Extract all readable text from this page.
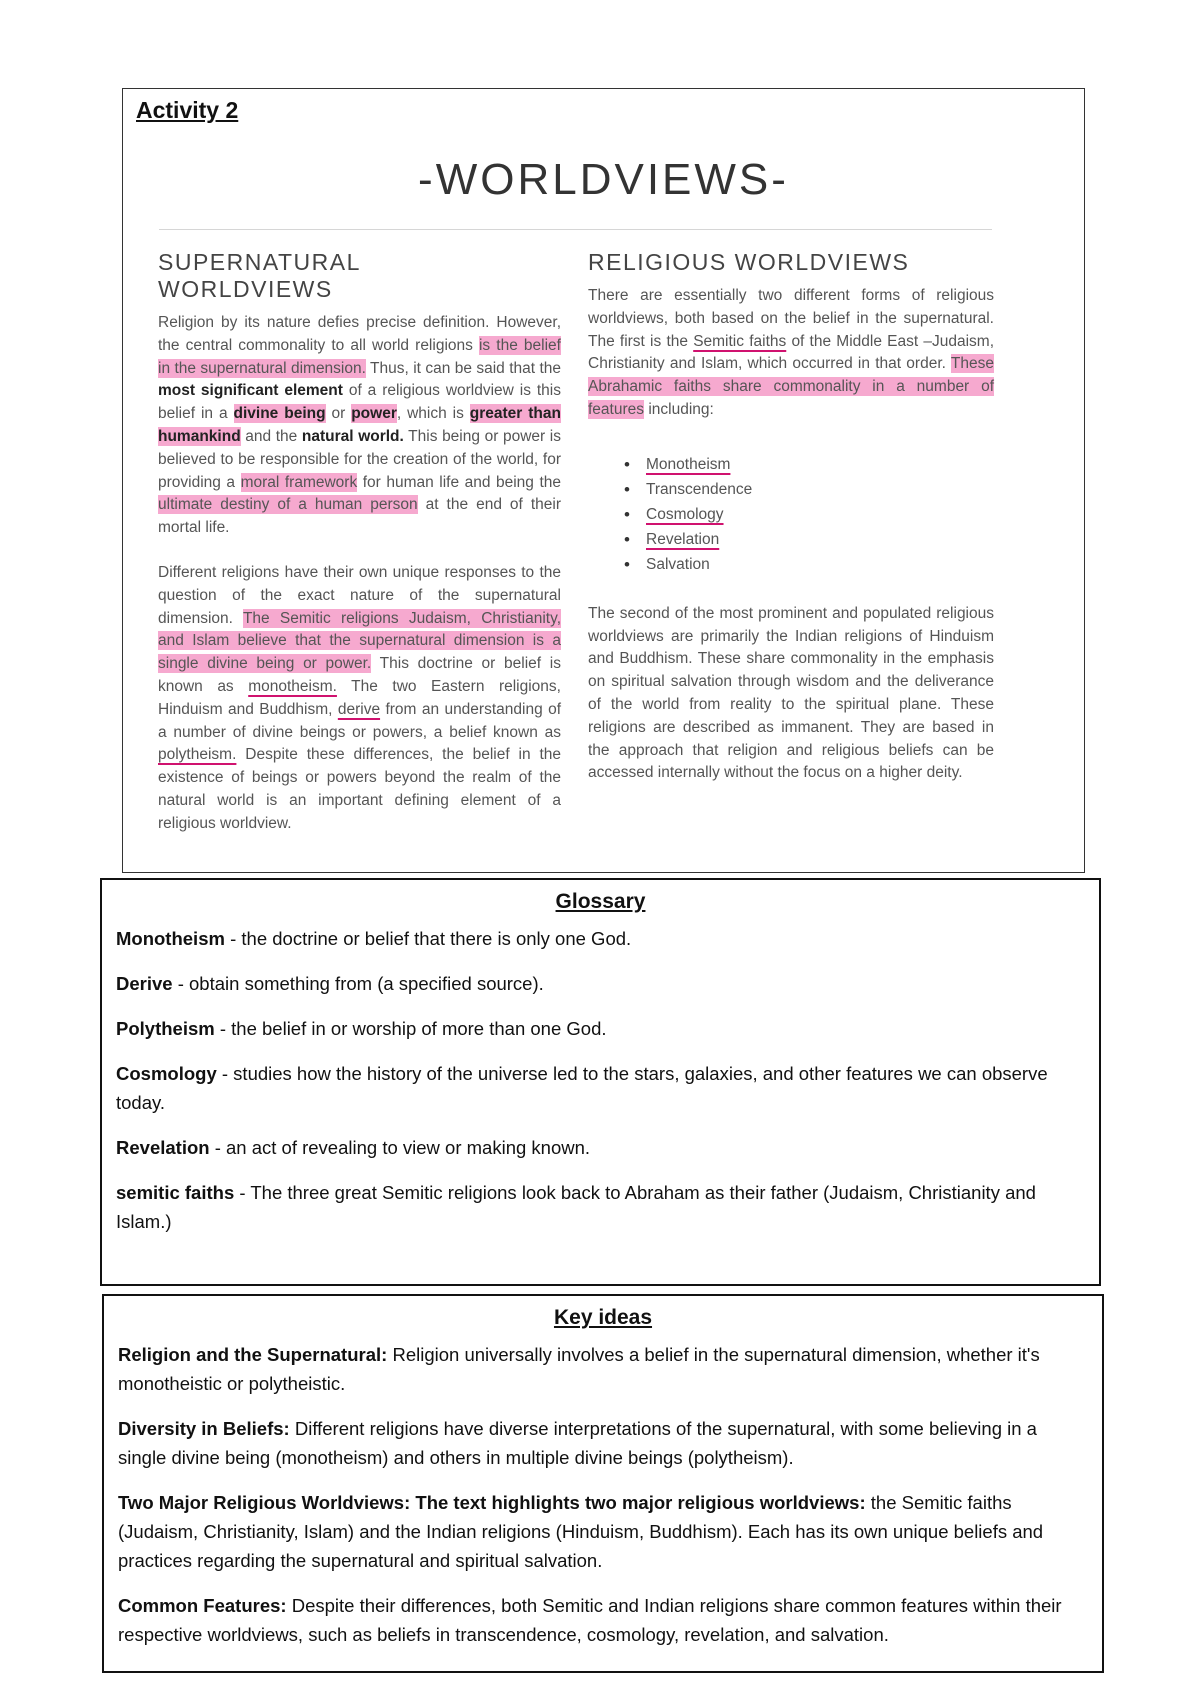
Activity 2
-WORLDVIEWS-
SUPERNATURAL
WORLDVIEWS

Religion by its nature defies precise definition. However, the central commonality to all world religions is the belief in the supernatural dimension. Thus, it can be said that the most significant element of a religious worldview is this belief in a divine being or power, which is greater than humankind and the natural world. This being or power is believed to be responsible for the creation of the world, for providing a moral framework for human life and being the ultimate destiny of a human person at the end of their mortal life.

Different religions have their own unique responses to the question of the exact nature of the supernatural dimension. The Semitic religions Judaism, Christianity, and Islam believe that the supernatural dimension is a single divine being or power. This doctrine or belief is known as monotheism. The two Eastern religions, Hinduism and Buddhism, derive from an understanding of a number of divine beings or powers, a belief known as polytheism. Despite these differences, the belief in the existence of beings or powers beyond the realm of the natural world is an important defining element of a religious worldview.

RELIGIOUS WORLDVIEWS

There are essentially two different forms of religious worldviews, both based on the belief in the supernatural. The first is the Semitic faiths of the Middle East –Judaism, Christianity and Islam, which occurred in that order. These Abrahamic faiths share commonality in a number of features including:

• Monotheism
• Transcendence
• Cosmology
• Revelation
• Salvation

The second of the most prominent and populated religious worldviews are primarily the Indian religions of Hinduism and Buddhism. These share commonality in the emphasis on spiritual salvation through wisdom and the deliverance of the world from reality to the spiritual plane. These religions are described as immanent. They are based in the approach that religion and religious beliefs can be accessed internally without the focus on a higher deity.

Glossary
Monotheism - the doctrine or belief that there is only one God.
Derive - obtain something from (a specified source).
Polytheism - the belief in or worship of more than one God.
Cosmology - studies how the history of the universe led to the stars, galaxies, and other features we can observe today.
Revelation - an act of revealing to view or making known.
semitic faiths - The three great Semitic religions look back to Abraham as their father (Judaism, Christianity and Islam.)
Key ideas
Religion and the Supernatural: Religion universally involves a belief in the supernatural dimension, whether it's monotheistic or polytheistic.
Diversity in Beliefs: Different religions have diverse interpretations of the supernatural, with some believing in a single divine being (monotheism) and others in multiple divine beings (polytheism).
Two Major Religious Worldviews: The text highlights two major religious worldviews: the Semitic faiths (Judaism, Christianity, Islam) and the Indian religions (Hinduism, Buddhism). Each has its own unique beliefs and practices regarding the supernatural and spiritual salvation.
Common Features: Despite their differences, both Semitic and Indian religions share common features within their respective worldviews, such as beliefs in transcendence, cosmology, revelation, and salvation.
